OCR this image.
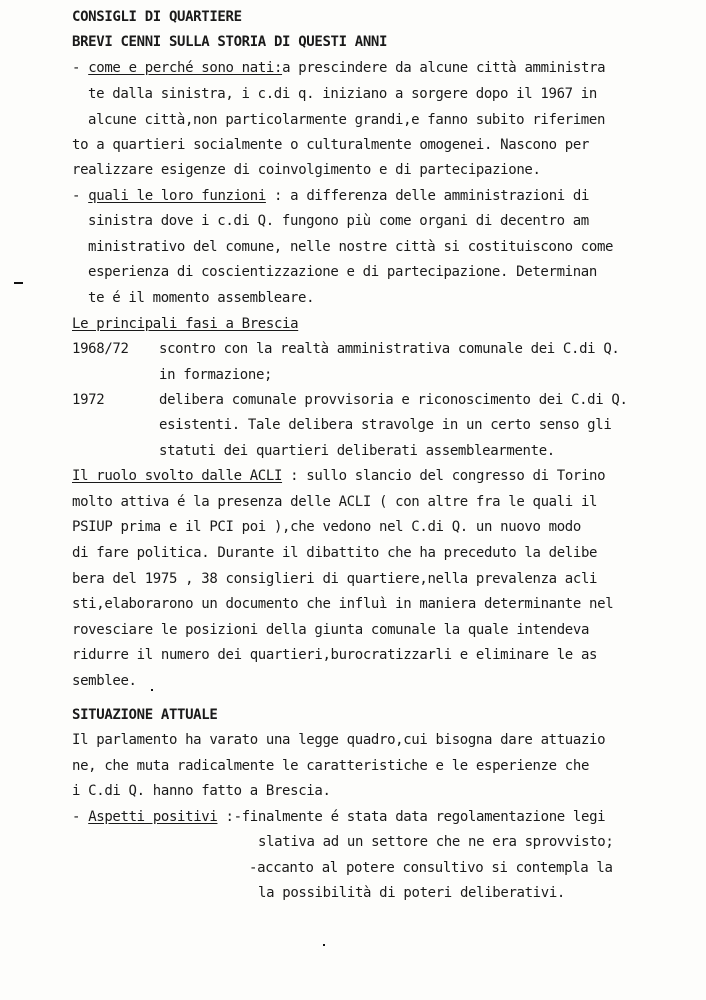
CONSIGLI DI QUARTIERE
BREVI CENNI SULLA STORIA DI QUESTI ANNI
- come e perché sono nati:a prescindere da alcune città amministra
te dalla sinistra, i c.di q. iniziano a sorgere dopo il 1967 in
alcune città,non particolarmente grandi,e fanno subito riferimen
to a quartieri socialmente o culturalmente omogenei. Nascono per
realizzare esigenze di coinvolgimento e di partecipazione.
- quali le loro funzioni : a differenza delle amministrazioni di
sinistra dove i c.di Q. fungono più come organi di decentro am
ministrativo del comune, nelle nostre città si costituiscono come
esperienza di coscientizzazione e di partecipazione. Determinan
te é il momento assembleare.
Le principali fasi a Brescia
1968/72 scontro con la realtà amministrativa comunale dei C.di Q.
in formazione;
1972	delibera comunale provvisoria e riconoscimento dei C.di Q.
esistenti. Tale delibera stravolge in un certo senso gli
statuti dei quartieri deliberati assemblearmente.
Il ruolo svolto dalle ACLI : sullo slancio del congresso di Torino
molto attiva é la presenza delle ACLI ( con altre fra le quali il
PSIUP prima e il PCI poi ),che vedono nel C.di Q. un nuovo modo
di fare politica. Durante il dibattito che ha preceduto la delibe
bera del 1975 , 38 consiglieri di quartiere,nella prevalenza acli
sti,elaborarono un documento che influì in maniera determinante nel
rovesciare le posizioni della giunta comunale la quale intendeva
ridurre il numero dei quartieri,burocratizzarli e eliminare le as
semblee.
SITUAZIONE ATTUALE
Il parlamento ha varato una legge quadro,cui bisogna dare attuazio
ne, che muta radicalmente le caratteristiche e le esperienze che
i C.di Q. hanno fatto a Brescia.
- Aspetti positivi :-finalmente é stata data regolamentazione legi
slativa ad un settore che ne era sprovvisto;
-accanto al potere consultivo si contempla la
la possibilità di poteri deliberativi.
